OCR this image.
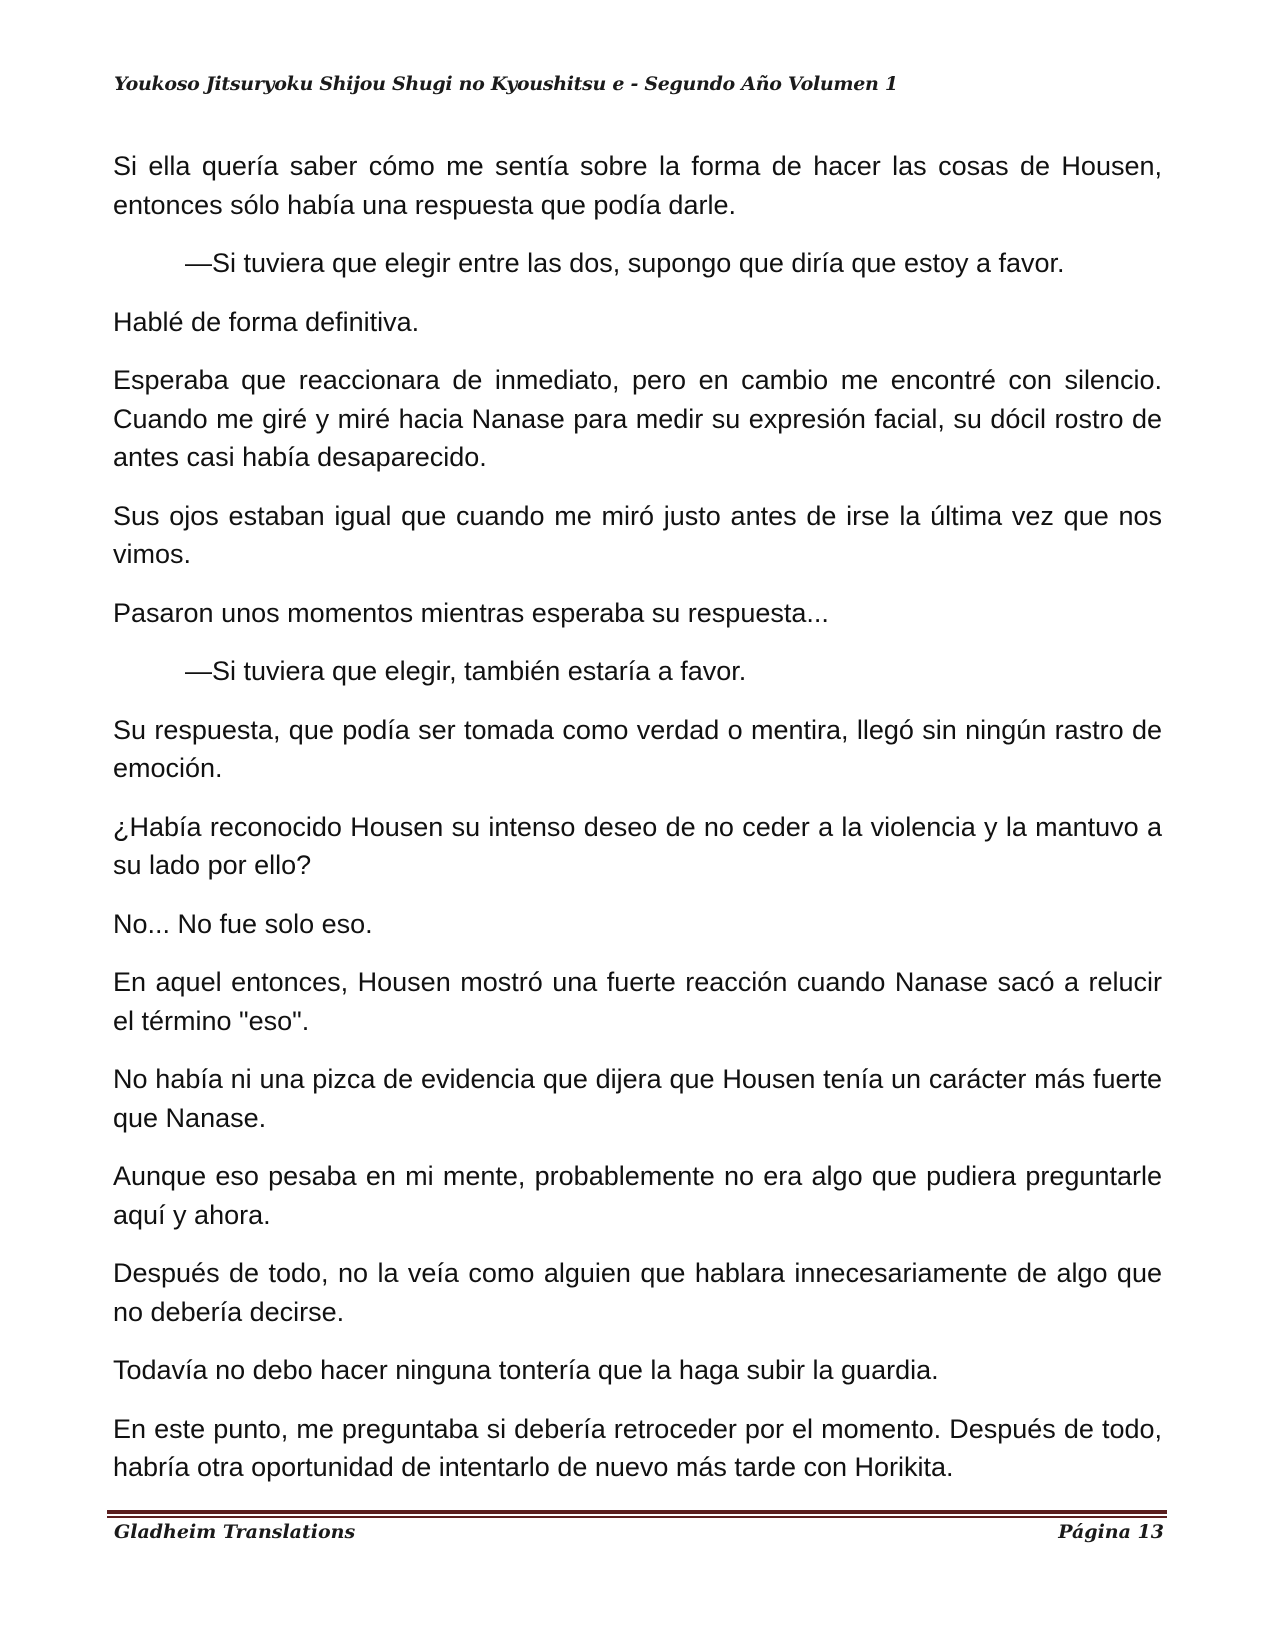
Youkoso Jitsuryoku Shijou Shugi no Kyoushitsu e - Segundo Año Volumen 1

Si ella quería saber cómo me sentía sobre la forma de hacer las cosas de Housen, entonces sólo había una respuesta que podía darle.

—Si tuviera que elegir entre las dos, supongo que diría que estoy a favor.

Hablé de forma definitiva.

Esperaba que reaccionara de inmediato, pero en cambio me encontré con silencio. Cuando me giré y miré hacia Nanase para medir su expresión facial, su dócil rostro de antes casi había desaparecido.

Sus ojos estaban igual que cuando me miró justo antes de irse la última vez que nos vimos.

Pasaron unos momentos mientras esperaba su respuesta...

—Si tuviera que elegir, también estaría a favor.

Su respuesta, que podía ser tomada como verdad o mentira, llegó sin ningún rastro de emoción.

¿Había reconocido Housen su intenso deseo de no ceder a la violencia y la mantuvo a su lado por ello?

No... No fue solo eso.

En aquel entonces, Housen mostró una fuerte reacción cuando Nanase sacó a relucir el término "eso".

No había ni una pizca de evidencia que dijera que Housen tenía un carácter más fuerte que Nanase.

Aunque eso pesaba en mi mente, probablemente no era algo que pudiera preguntarle aquí y ahora.

Después de todo, no la veía como alguien que hablara innecesariamente de algo que no debería decirse.

Todavía no debo hacer ninguna tontería que la haga subir la guardia.

En este punto, me preguntaba si debería retroceder por el momento. Después de todo, habría otra oportunidad de intentarlo de nuevo más tarde con Horikita.

Gladheim Translations	Página 13
